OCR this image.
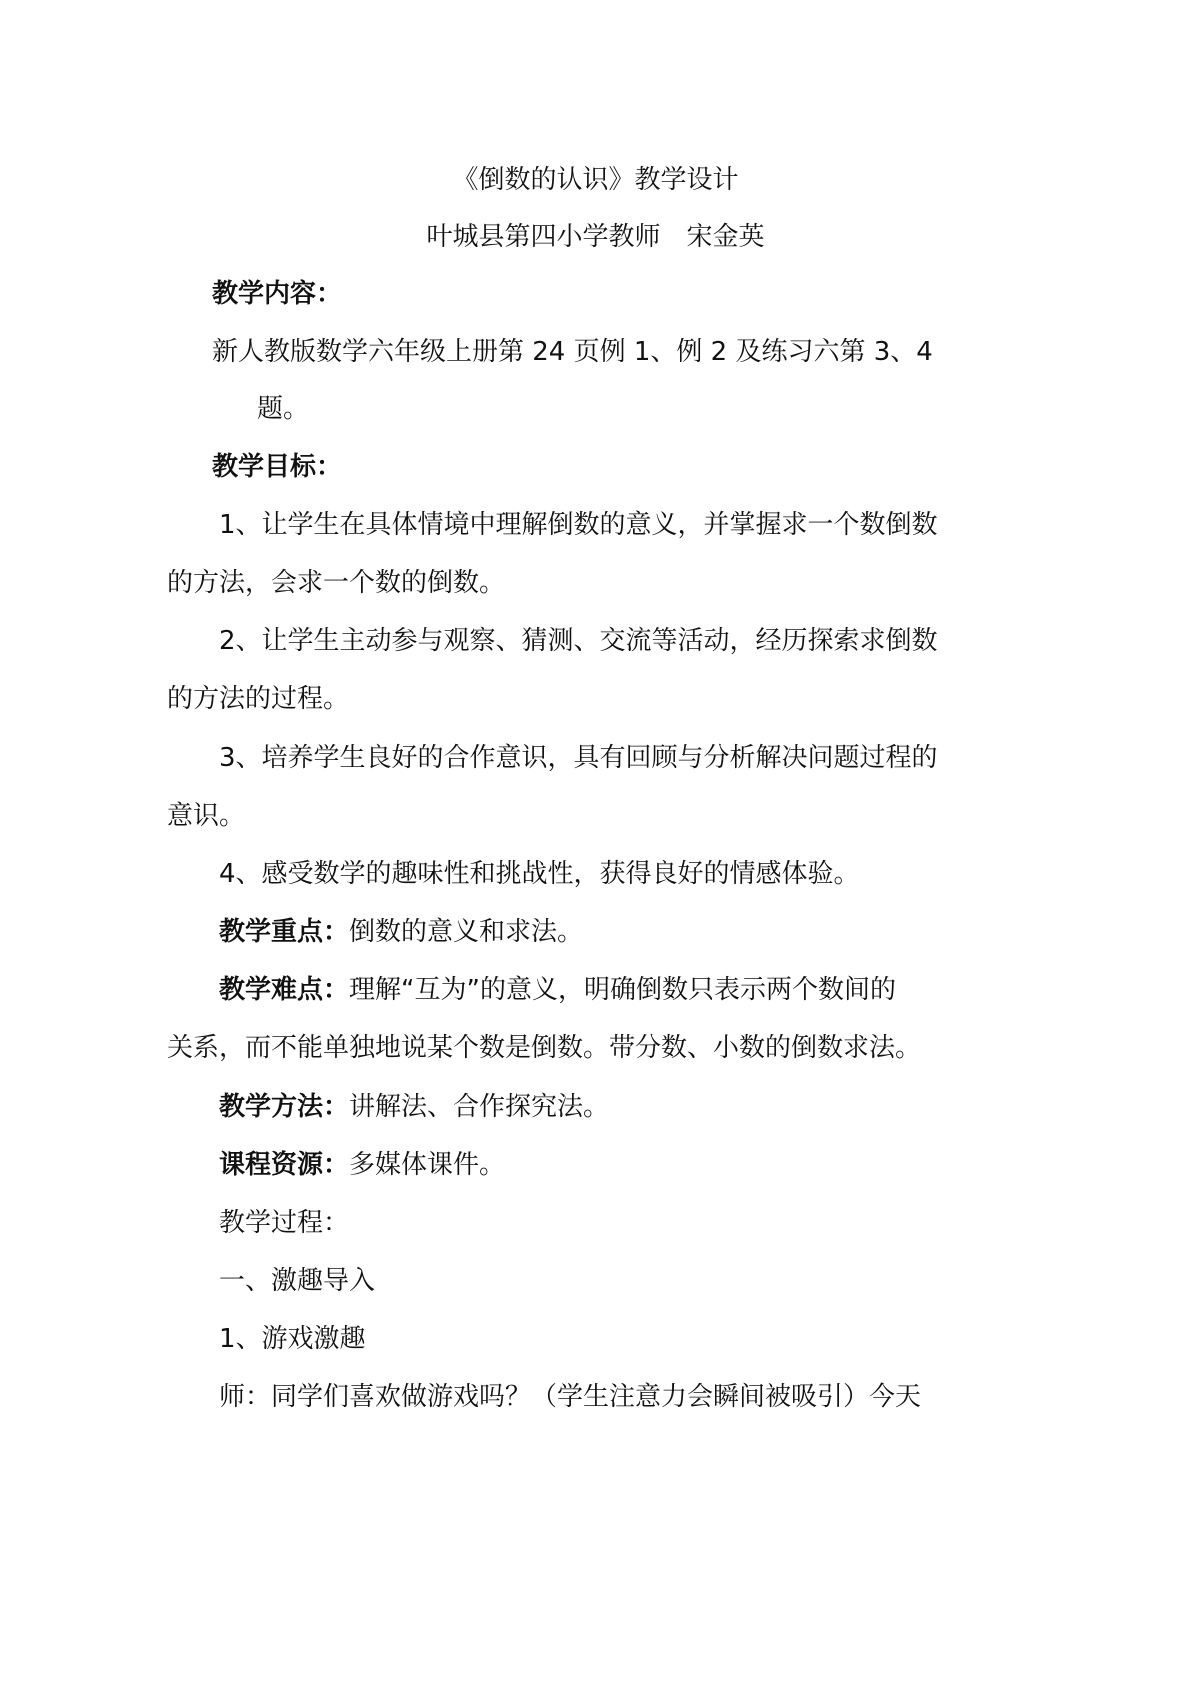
《倒数的认识》教学设计
叶城县第四小学教师　宋金英
教学内容：
新人教版数学六年级上册第 24 页例 1、例 2 及练习六第 3、4
题。
教学目标：
1、让学生在具体情境中理解倒数的意义，并掌握求一个数倒数
的方法，会求一个数的倒数。
2、让学生主动参与观察、猜测、交流等活动，经历探索求倒数
的方法的过程。
3、培养学生良好的合作意识，具有回顾与分析解决问题过程的
意识。
4、感受数学的趣味性和挑战性，获得良好的情感体验。
教学重点：倒数的意义和求法。
教学难点：理解“互为”的意义，明确倒数只表示两个数间的
关系，而不能单独地说某个数是倒数。带分数、小数的倒数求法。
教学方法：讲解法、合作探究法。
课程资源：多媒体课件。
教学过程：
一、激趣导入
1、游戏激趣
师：同学们喜欢做游戏吗？（学生注意力会瞬间被吸引）今天
